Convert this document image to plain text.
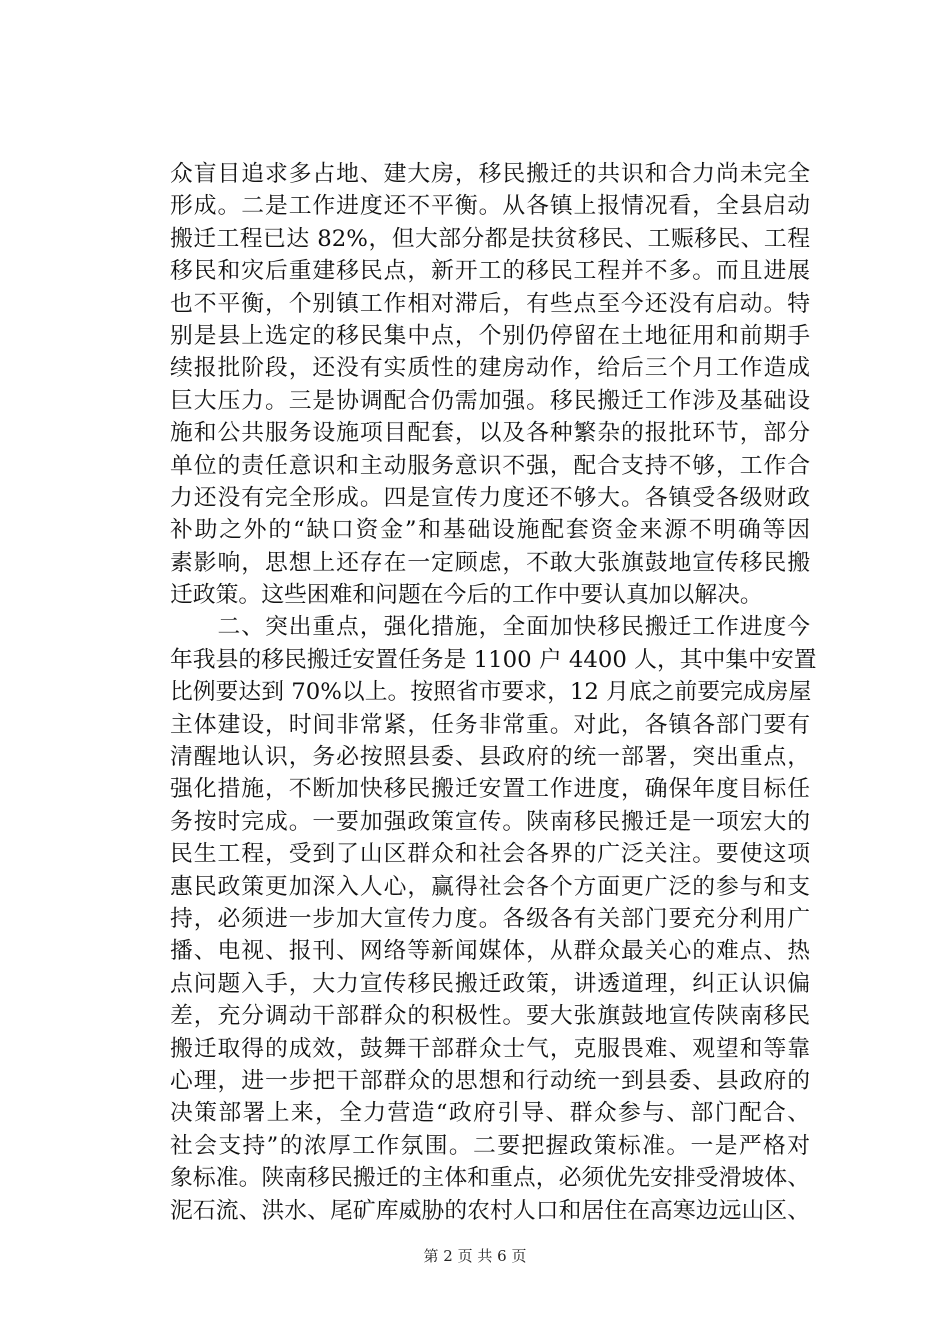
众盲目追求多占地、建大房，移民搬迁的共识和合力尚未完全
形成。二是工作进度还不平衡。从各镇上报情况看，全县启动
搬迁工程已达 82%，但大部分都是扶贫移民、工赈移民、工程
移民和灾后重建移民点，新开工的移民工程并不多。而且进展
也不平衡，个别镇工作相对滞后，有些点至今还没有启动。特
别是县上选定的移民集中点，个别仍停留在土地征用和前期手
续报批阶段，还没有实质性的建房动作，给后三个月工作造成
巨大压力。三是协调配合仍需加强。移民搬迁工作涉及基础设
施和公共服务设施项目配套，以及各种繁杂的报批环节，部分
单位的责任意识和主动服务意识不强，配合支持不够，工作合
力还没有完全形成。四是宣传力度还不够大。各镇受各级财政
补助之外的“缺口资金”和基础设施配套资金来源不明确等因
素影响，思想上还存在一定顾虑，不敢大张旗鼓地宣传移民搬
迁政策。这些困难和问题在今后的工作中要认真加以解决。
　　二、突出重点，强化措施，全面加快移民搬迁工作进度今
年我县的移民搬迁安置任务是 1100 户 4400 人，其中集中安置
比例要达到 70%以上。按照省市要求，12 月底之前要完成房屋
主体建设，时间非常紧，任务非常重。对此，各镇各部门要有
清醒地认识，务必按照县委、县政府的统一部署，突出重点，
强化措施，不断加快移民搬迁安置工作进度，确保年度目标任
务按时完成。一要加强政策宣传。陕南移民搬迁是一项宏大的
民生工程，受到了山区群众和社会各界的广泛关注。要使这项
惠民政策更加深入人心，赢得社会各个方面更广泛的参与和支
持，必须进一步加大宣传力度。各级各有关部门要充分利用广
播、电视、报刊、网络等新闻媒体，从群众最关心的难点、热
点问题入手，大力宣传移民搬迁政策，讲透道理，纠正认识偏
差，充分调动干部群众的积极性。要大张旗鼓地宣传陕南移民
搬迁取得的成效，鼓舞干部群众士气，克服畏难、观望和等靠
心理，进一步把干部群众的思想和行动统一到县委、县政府的
决策部署上来，全力营造“政府引导、群众参与、部门配合、
社会支持”的浓厚工作氛围。二要把握政策标准。一是严格对
象标准。陕南移民搬迁的主体和重点，必须优先安排受滑坡体、
泥石流、洪水、尾矿库威胁的农村人口和居住在高寒边远山区、
第 2 页 共 6 页
